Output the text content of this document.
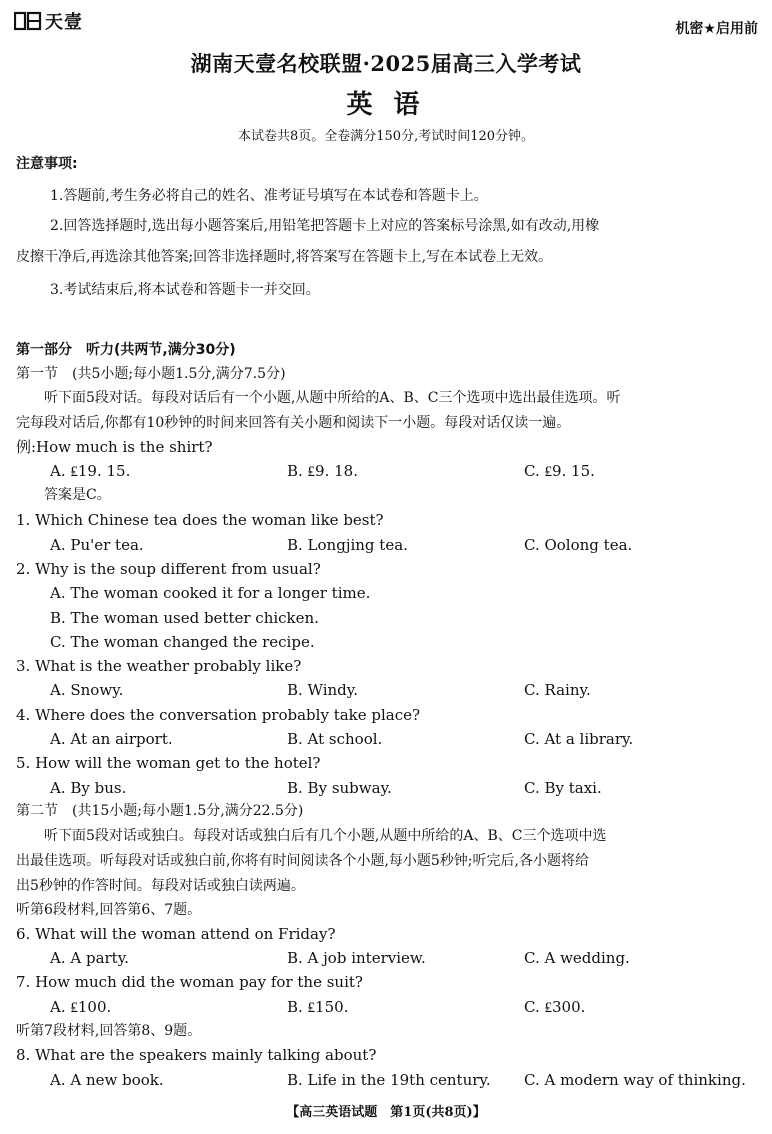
天壹	机密★启用前
湖南天壹名校联盟·2025届高三入学考试
英 语
本试卷共8页。全卷满分150分,考试时间120分钟。
注意事项:
1.答题前,考生务必将自己的姓名、准考证号填写在本试卷和答题卡上。
2.回答选择题时,选出每小题答案后,用铅笔把答题卡上对应的答案标号涂黑,如有改动,用橡
皮擦干净后,再选涂其他答案;回答非选择题时,将答案写在答题卡上,写在本试卷上无效。
3.考试结束后,将本试卷和答题卡一并交回。
第一部分　听力(共两节,满分30分)
第一节　(共5小题;每小题1.5分,满分7.5分)
听下面5段对话。每段对话后有一个小题,从题中所给的A、B、C三个选项中选出最佳选项。听
完每段对话后,你都有10秒钟的时间来回答有关小题和阅读下一小题。每段对话仅读一遍。
例:How much is the shirt?
A. ₤19. 15.	B. ₤9. 18.	C. ₤9. 15.
答案是C。
1. Which Chinese tea does the woman like best?
A. Pu'er tea.	B. Longjing tea.	C. Oolong tea.
2. Why is the soup different from usual?
A. The woman cooked it for a longer time.
B. The woman used better chicken.
C. The woman changed the recipe.
3. What is the weather probably like?
A. Snowy.	B. Windy.	C. Rainy.
4. Where does the conversation probably take place?
A. At an airport.	B. At school.	C. At a library.
5. How will the woman get to the hotel?
A. By bus.	B. By subway.	C. By taxi.
第二节　(共15小题;每小题1.5分,满分22.5分)
听下面5段对话或独白。每段对话或独白后有几个小题,从题中所给的A、B、C三个选项中选
出最佳选项。听每段对话或独白前,你将有时间阅读各个小题,每小题5秒钟;听完后,各小题将给
出5秒钟的作答时间。每段对话或独白读两遍。
听第6段材料,回答第6、7题。
6. What will the woman attend on Friday?
A. A party.	B. A job interview.	C. A wedding.
7. How much did the woman pay for the suit?
A. ₤100.	B. ₤150.	C. ₤300.
听第7段材料,回答第8、9题。
8. What are the speakers mainly talking about?
A. A new book.	B. Life in the 19th century. C. A modern way of thinking.
【高三英语试题　第1页(共8页)】
